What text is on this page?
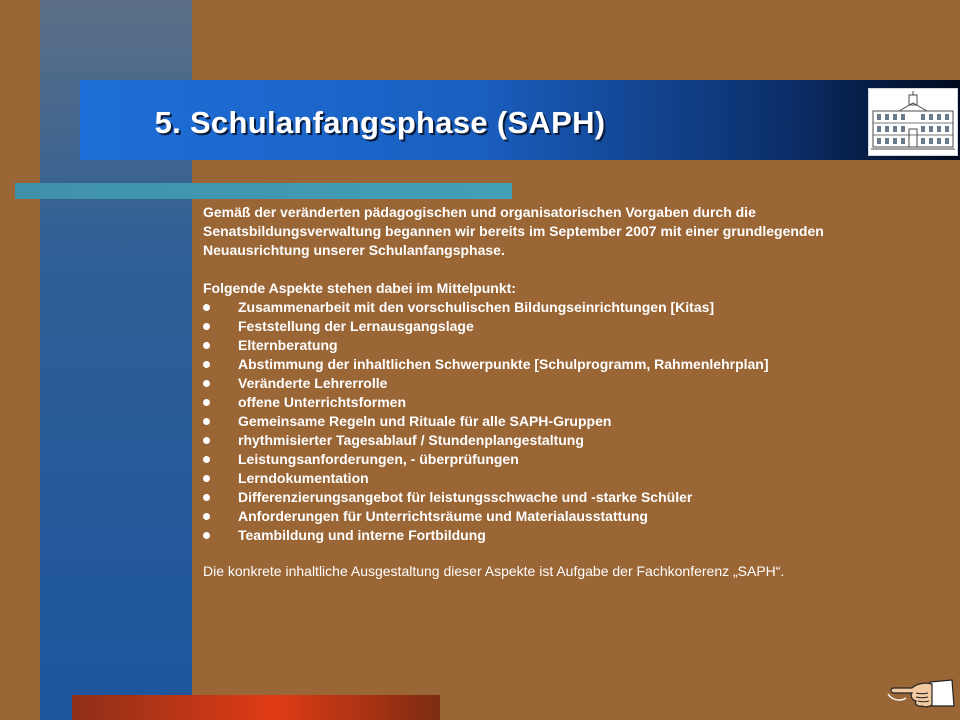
5. Schulanfangsphase (SAPH)

Gemäß der veränderten pädagogischen und organisatorischen Vorgaben durch die Senatsbildungsverwaltung begannen wir bereits im September 2007 mit einer grundlegenden Neuausrichtung unserer Schulanfangsphase.

Folgende Aspekte stehen dabei im Mittelpunkt:

Zusammenarbeit mit den vorschulischen Bildungseinrichtungen [Kitas]
Feststellung der Lernausgangslage
Elternberatung
Abstimmung der inhaltlichen Schwerpunkte [Schulprogramm, Rahmenlehrplan]
Veränderte Lehrerrolle
offene Unterrichtsformen
Gemeinsame Regeln und Rituale für alle SAPH-Gruppen
rhythmisierter Tagesablauf / Stundenplangestaltung
Leistungsanforderungen, - überprüfungen
Lerndokumentation
Differenzierungsangebot für leistungsschwache und -starke Schüler
Anforderungen für Unterrichtsräume und Materialausstattung
Teambildung und interne Fortbildung

Die konkrete inhaltliche Ausgestaltung dieser Aspekte ist Aufgabe der Fachkonferenz „SAPH“.
